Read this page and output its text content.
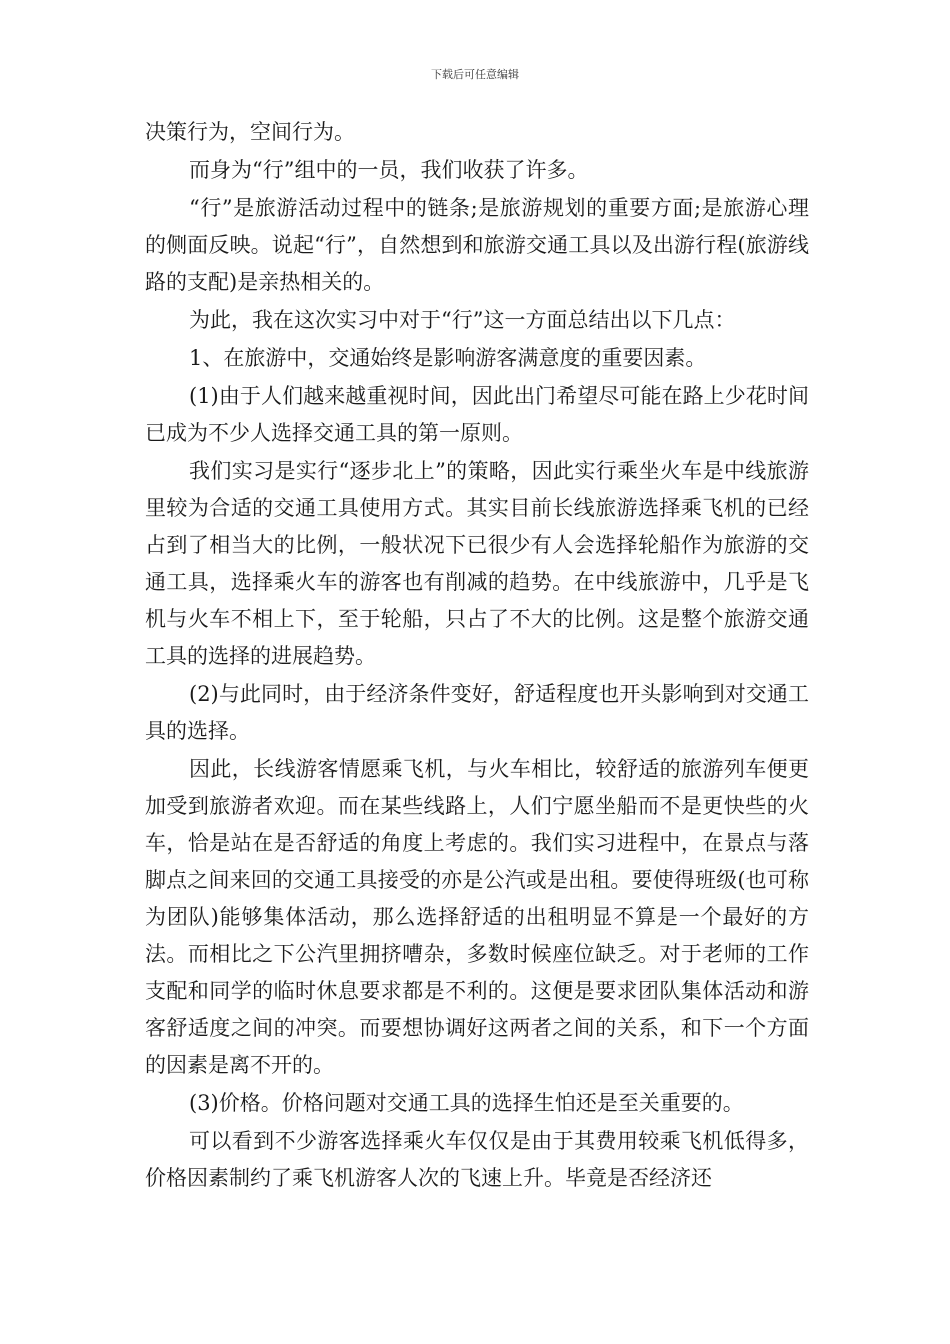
下载后可任意编辑

决策行为，空间行为。

而身为“行”组中的一员，我们收获了许多。

“行”是旅游活动过程中的链条;是旅游规划的重要方面;是旅游心理的侧面反映。说起“行”，自然想到和旅游交通工具以及出游行程(旅游线路的支配)是亲热相关的。

为此，我在这次实习中对于“行”这一方面总结出以下几点：

1、在旅游中，交通始终是影响游客满意度的重要因素。

(1)由于人们越来越重视时间，因此出门希望尽可能在路上少花时间已成为不少人选择交通工具的第一原则。

我们实习是实行“逐步北上”的策略，因此实行乘坐火车是中线旅游里较为合适的交通工具使用方式。其实目前长线旅游选择乘飞机的已经占到了相当大的比例，一般状况下已很少有人会选择轮船作为旅游的交通工具，选择乘火车的游客也有削减的趋势。在中线旅游中，几乎是飞机与火车不相上下，至于轮船，只占了不大的比例。这是整个旅游交通工具的选择的进展趋势。

(2)与此同时，由于经济条件变好，舒适程度也开头影响到对交通工具的选择。

因此，长线游客情愿乘飞机，与火车相比，较舒适的旅游列车便更加受到旅游者欢迎。而在某些线路上，人们宁愿坐船而不是更快些的火车，恰是站在是否舒适的角度上考虑的。我们实习进程中，在景点与落脚点之间来回的交通工具接受的亦是公汽或是出租。要使得班级(也可称为团队)能够集体活动，那么选择舒适的出租明显不算是一个最好的方法。而相比之下公汽里拥挤嘈杂，多数时候座位缺乏。对于老师的工作支配和同学的临时休息要求都是不利的。这便是要求团队集体活动和游客舒适度之间的冲突。而要想协调好这两者之间的关系，和下一个方面的因素是离不开的。

(3)价格。价格问题对交通工具的选择生怕还是至关重要的。

可以看到不少游客选择乘火车仅仅是由于其费用较乘飞机低得多，价格因素制约了乘飞机游客人次的飞速上升。毕竟是否经济还
